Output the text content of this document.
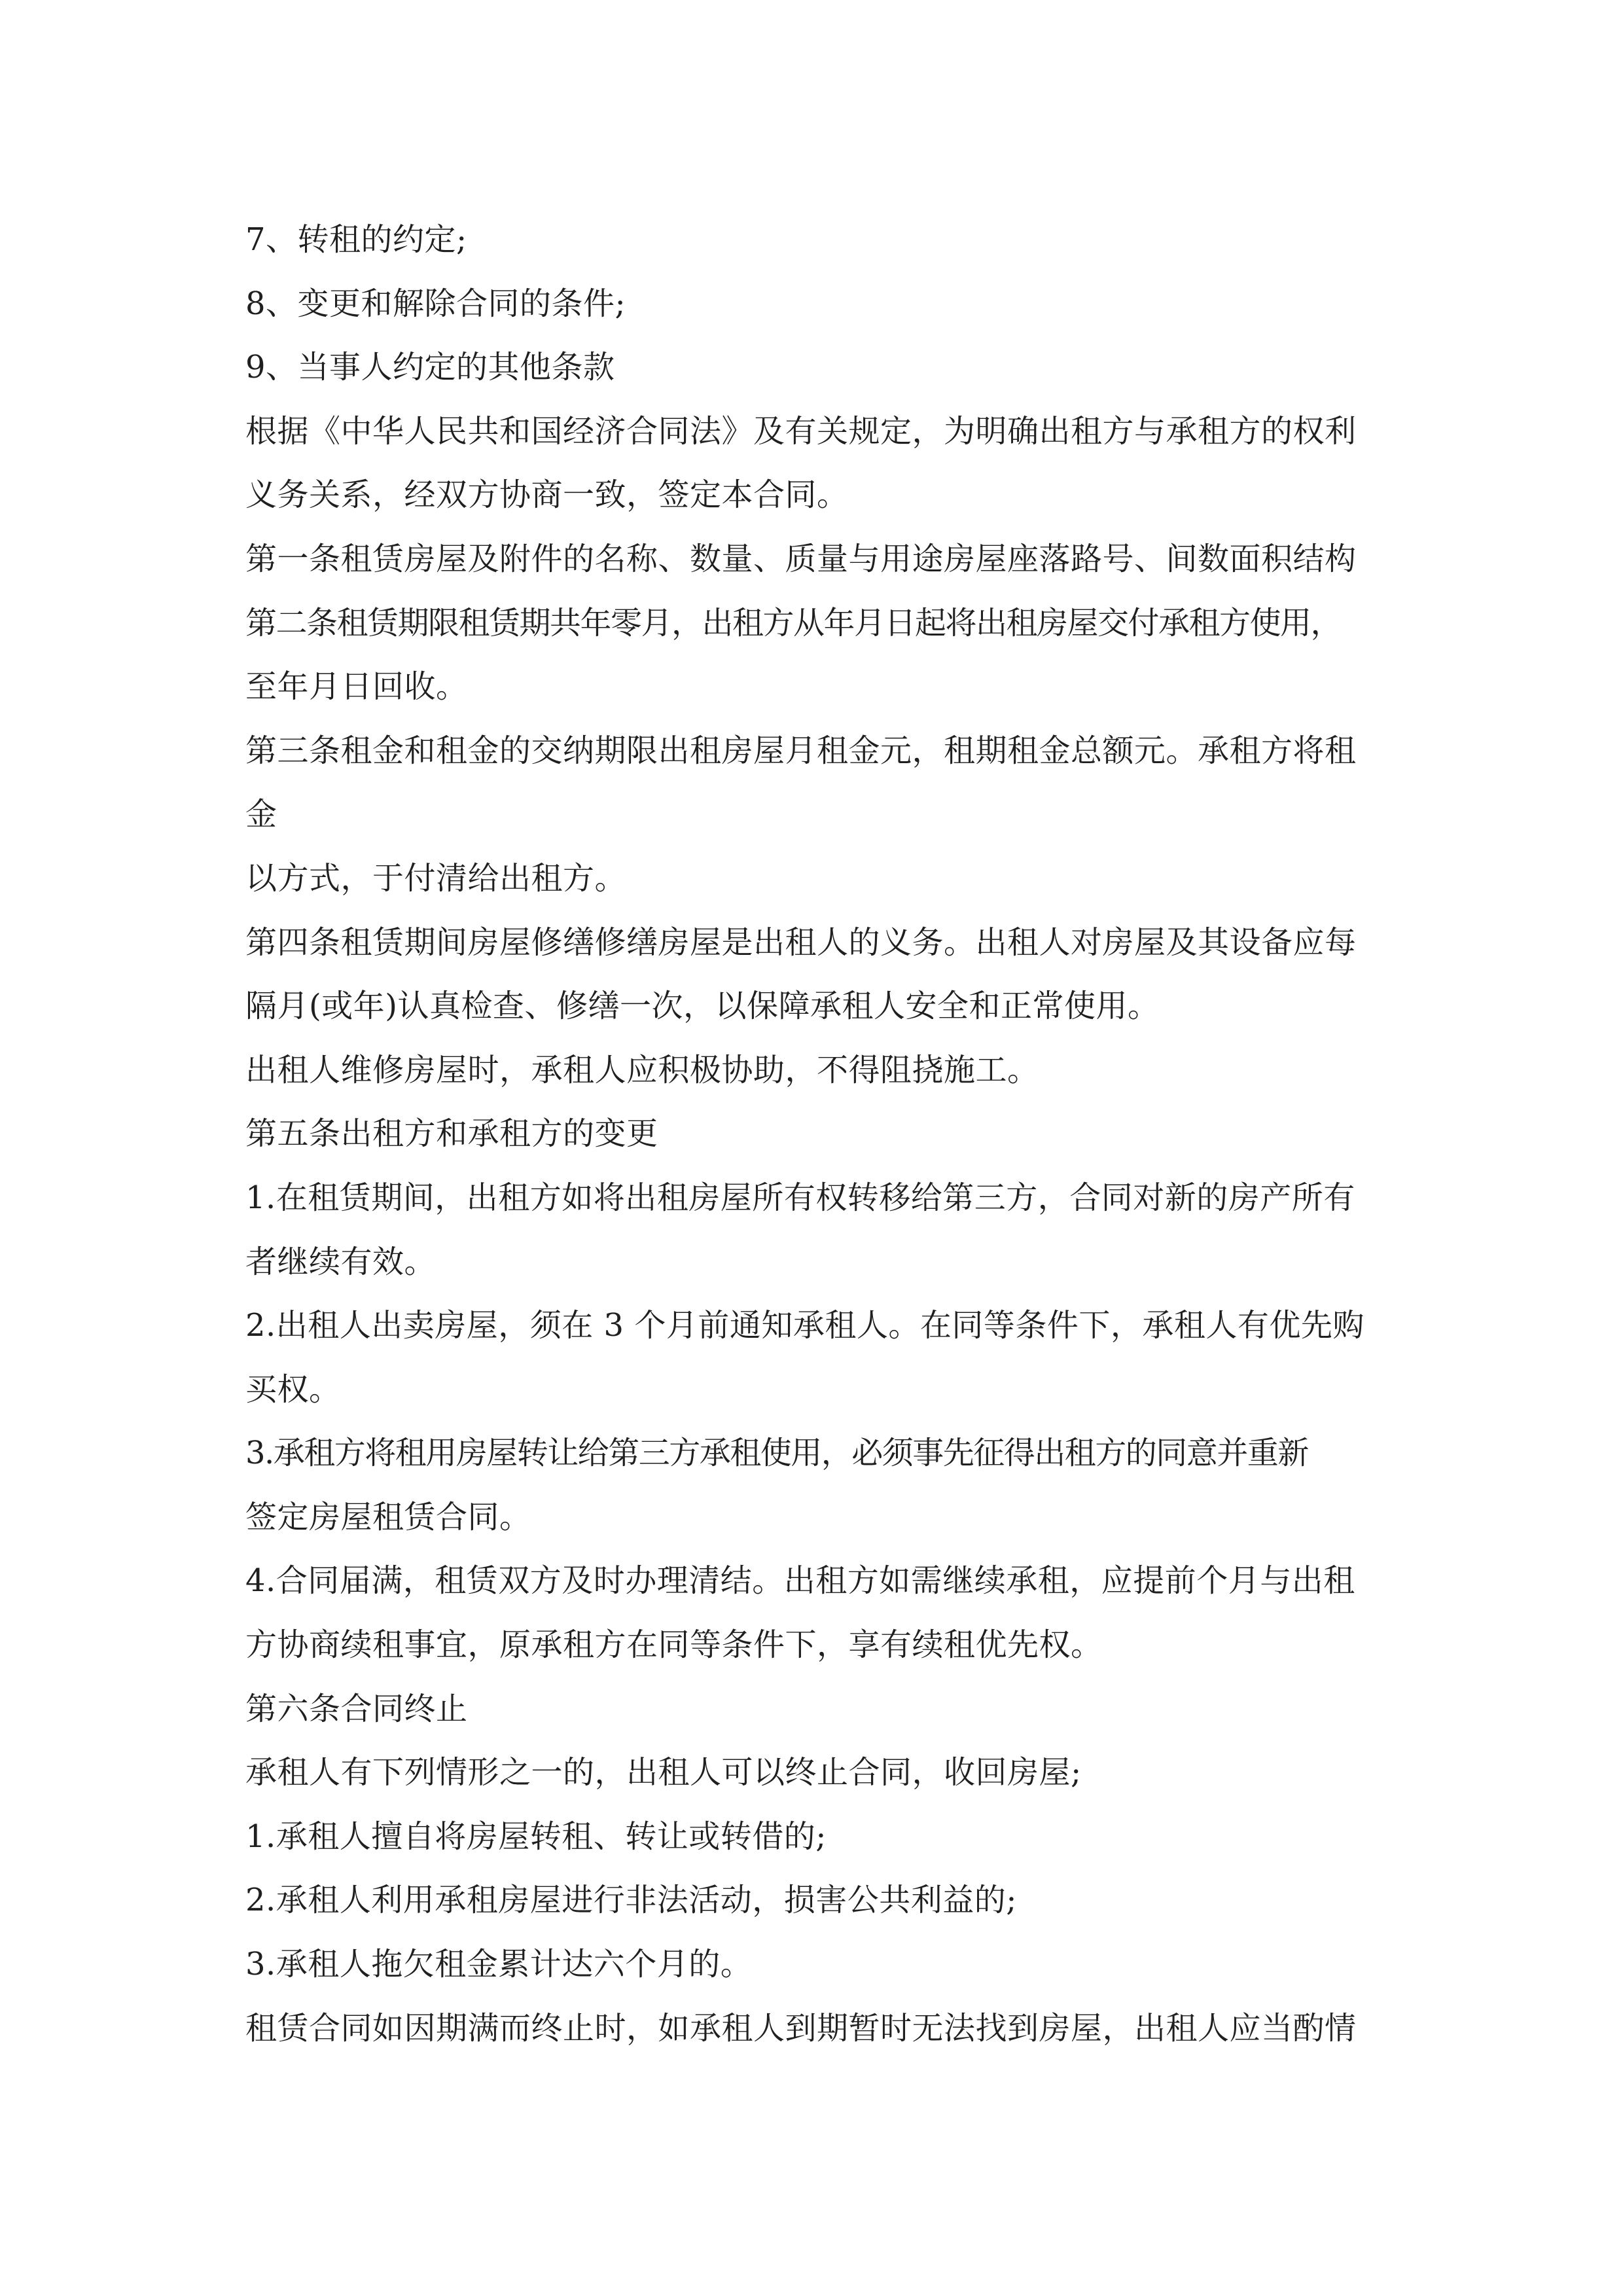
7、转租的约定;
8、变更和解除合同的条件;
9、当事人约定的其他条款
根据《中华人民共和国经济合同法》及有关规定，为明确出租方与承租方的权利
义务关系，经双方协商一致，签定本合同。
第一条租赁房屋及附件的名称、数量、质量与用途房屋座落路号、间数面积结构
第二条租赁期限租赁期共年零月，出租方从年月日起将出租房屋交付承租方使用，
至年月日回收。
第三条租金和租金的交纳期限出租房屋月租金元，租期租金总额元。承租方将租
金
以方式，于付清给出租方。
第四条租赁期间房屋修缮修缮房屋是出租人的义务。出租人对房屋及其设备应每
隔月(或年)认真检查、修缮一次，以保障承租人安全和正常使用。
出租人维修房屋时，承租人应积极协助，不得阻挠施工。
第五条出租方和承租方的变更
1.在租赁期间，出租方如将出租房屋所有权转移给第三方，合同对新的房产所有
者继续有效。
2.出租人出卖房屋，须在 3 个月前通知承租人。在同等条件下，承租人有优先购
买权。
3.承租方将租用房屋转让给第三方承租使用，必须事先征得出租方的同意并重新
签定房屋租赁合同。
4.合同届满，租赁双方及时办理清结。出租方如需继续承租，应提前个月与出租
方协商续租事宜，原承租方在同等条件下，享有续租优先权。
第六条合同终止
承租人有下列情形之一的，出租人可以终止合同，收回房屋;
1.承租人擅自将房屋转租、转让或转借的;
2.承租人利用承租房屋进行非法活动，损害公共利益的;
3.承租人拖欠租金累计达六个月的。
租赁合同如因期满而终止时，如承租人到期暂时无法找到房屋，出租人应当酌情
